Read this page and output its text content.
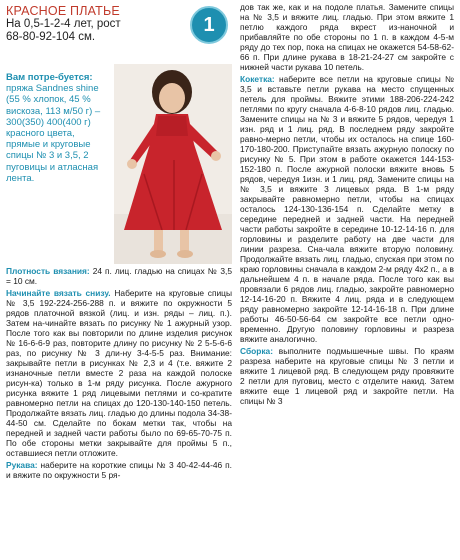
КРАСНОЕ ПЛАТЬЕ
На 0,5-1-2-4 лет, рост
68-80-92-104 см.
1
Вам потре-буется: пряжа Sandnes shine (55 % хлопок, 45 % вискоза, 113 м/50 г) – 300(350) 400(400 г) красного цвета, прямые и круговые спицы № 3 и 3,5, 2 пуговицы и атласная лента.

Плотность вязания: 24 п. лиц. гладью на спицах № 3,5 = 10 см.

Начинайте вязать снизу. Наберите на круговые спицы № 3,5 192-224-256-288 п. и вяжите по окружности 5 рядов платочной вязкой (лиц. и изн. ряды – лиц. п.). Затем на-чинайте вязать по рисунку № 1 ажурный узор. После того как вы повторили по длине изделия рисунок № 16-6-6-9 раз, повторите длину по рисунку № 2 5-5-6-6 раз, по рисунку № 3 дли-ну 3-4-5-5 раз. Внимание: закрывайте петли в рисунках № 2,3 и 4 (т.е. вяжите 2 изнаночные петли вместе 2 раза на каждой полоске рисун-ка) только в 1-м ряду рисунка. После ажурного рисунка вяжите 1 ряд лицевыми петлями и со-кратите равномерно петли на спицах до 120-130-140-150 петель. Продолжайте вязать лиц. гладью до длины подола 34-38-44-50 см. Сделайте по бокам метки так, чтобы на передней и задней части работы было по 69-65-70-75 п. По обе стороны метки закрывайте для проймы 5 п., оставшиеся петли отложите.

Рукава: наберите на короткие спицы № 3 40-42-44-46 п. и вяжите по окружности 5 ря-

дов так же, как и на подоле платья. Замените спицы на № 3,5 и вяжите лиц. гладью. При этом вяжите 1 петлю каждого ряда вкрест из-наночной и прибавляйте по обе стороны по 1 п. в каждом 4-5-м ряду до тех пор, пока на спицах не окажется 54-58-62-66 п. При длине рукава в 18-21-24-27 см закройте с нижней части рукава 10 петель.

Кокетка: наберите все петли на круговые спицы № 3,5 и вставьте петли рукава на место спущенных петель для проймы. Вяжите этими 188-206-224-242 петлями по кругу сначала 4-6-8-10 рядов лиц. гладью. Замените спицы на № 3 и вяжите 5 рядов, чередуя 1 изн. ряд и 1 лиц. ряд. В последнем ряду закройте равно-мерно петли, чтобы их осталось на спице 160-170-180-200. Приступайте вязать ажурную полоску по рисунку № 5. При этом в работе окажется 144-153-152-180 п. После ажурной полоски вяжите вновь 5 рядов, чередуя 1изн. и 1 лиц. ряд. Замените спицы на № 3,5 и вяжите 3 лицевых ряда. В 1-м ряду закрывайте равномерно петли, чтобы на спицах осталось 124-130-136-154 п. Сделайте метку в середине передней и задней части. На передней части работы закройте в середине 10-12-14-16 п. для горловины и разделите работу на две части для линии разреза. Сна-чала вяжите вторую половину. Продолжайте вязать лиц. гладью, спуская при этом по краю горловины сначала в каждом 2-м ряду 4х2 п., а в дальнейшем 4 п. в начале ряда. После того как вы провязали 6 рядов лиц. гладью, закройте равномерно 12-14-16-20 п. Вяжите 4 лиц. ряда и в следующем ряду равномерно закройте 12-14-16-18 п. При длине работы 46-50-56-64 см закройте все петли одно-временно. Другую половину горловины и разреза вяжите аналогично.

Сборка: выполните подмышечные швы. По краям разреза наберите на круговые спицы № 3 петли и вяжите 1 лицевой ряд. В следующем ряду провяжите 2 петли для пуговиц, место с отделите накид. Затем вяжите еще 1 лицевой ряд и закройте петли. На спицы № 3
